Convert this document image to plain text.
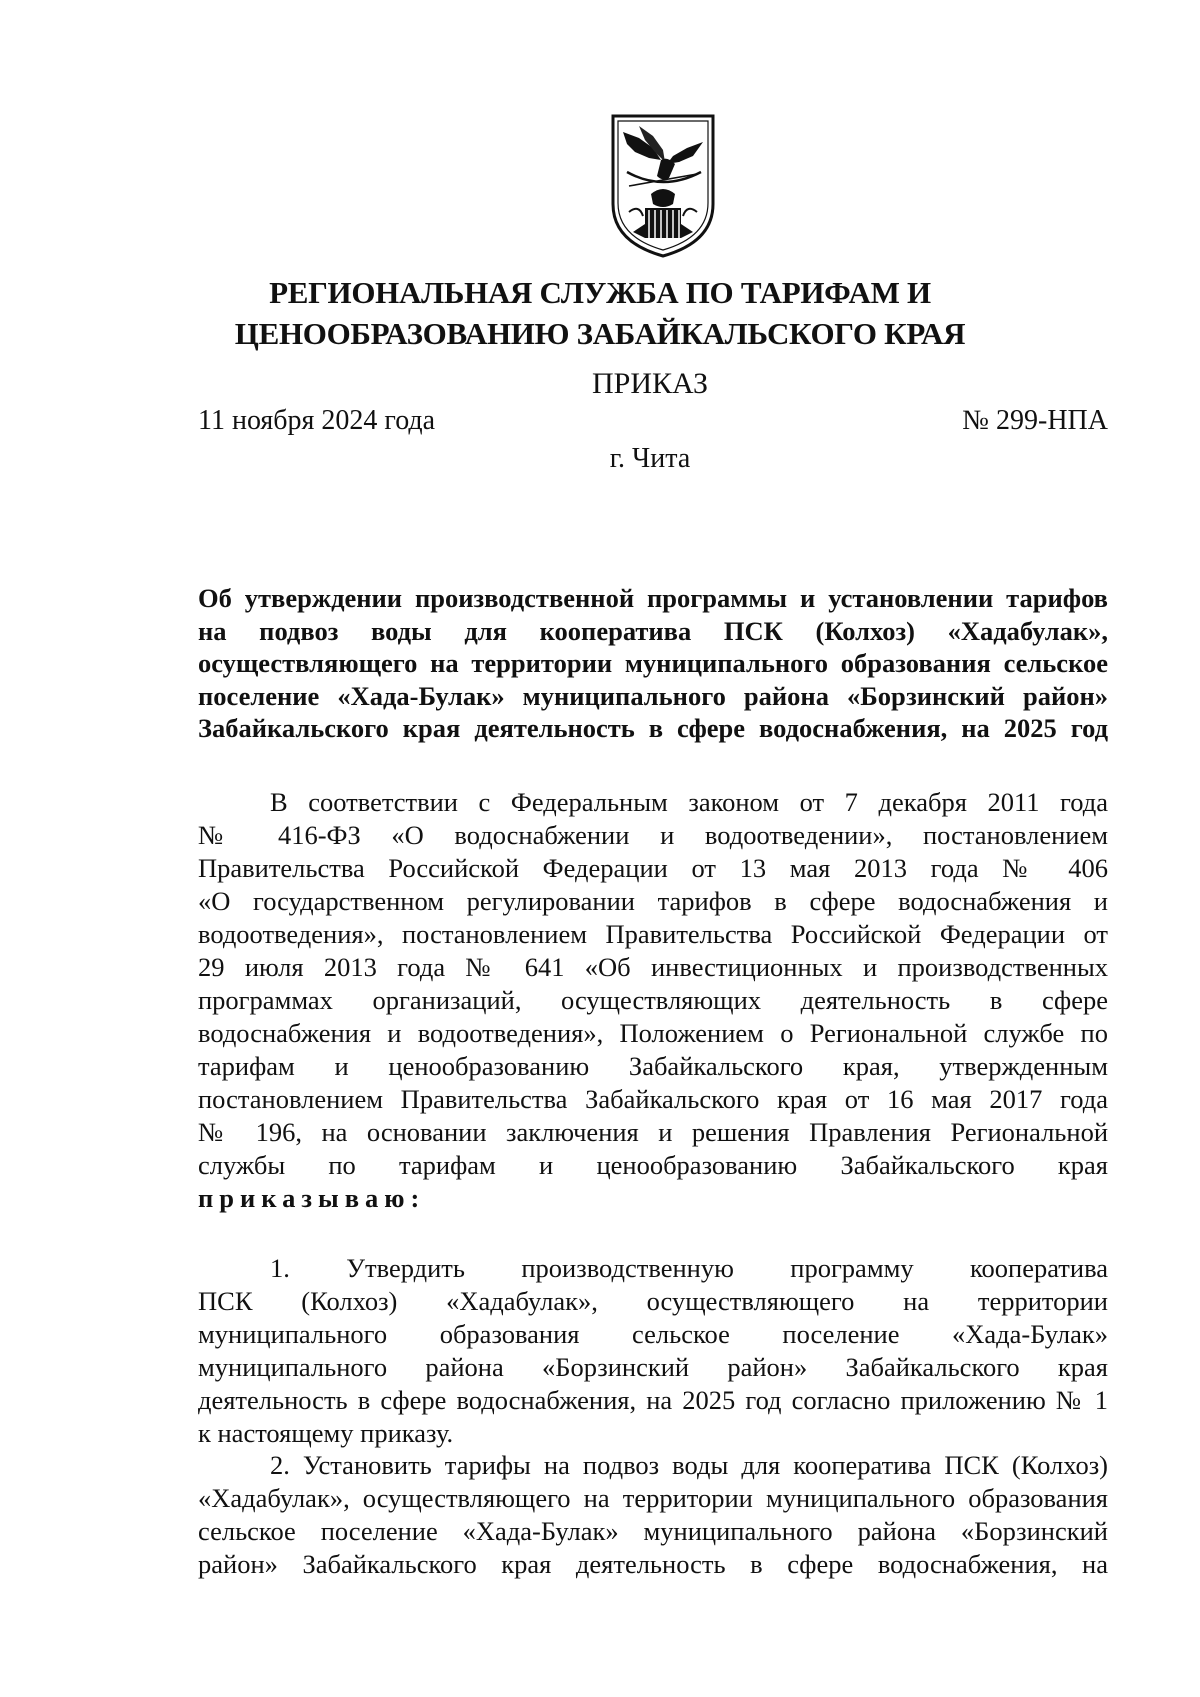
РЕГИОНАЛЬНАЯ СЛУЖБА ПО ТАРИФАМ И
ЦЕНООБРАЗОВАНИЮ ЗАБАЙКАЛЬСКОГО КРАЯ
ПРИКАЗ
11 ноября 2024 года	№ 299-НПА
г. Чита
Об утверждении производственной программы и установлении тарифов
на подвоз воды для кооператива ПСК (Колхоз) «Хадабулак»,
осуществляющего на территории муниципального образования сельское
поселение «Хада-Булак» муниципального района «Борзинский район»
Забайкальского края деятельность в сфере водоснабжения, на 2025 год
В соответствии с Федеральным законом от 7 декабря 2011 года
№ 416-ФЗ «О водоснабжении и водоотведении», постановлением
Правительства Российской Федерации от 13 мая 2013 года № 406
«О государственном регулировании тарифов в сфере водоснабжения и
водоотведения», постановлением Правительства Российской Федерации от
29 июля 2013 года № 641 «Об инвестиционных и производственных
программах организаций, осуществляющих деятельность в сфере
водоснабжения и водоотведения», Положением о Региональной службе по
тарифам и ценообразованию Забайкальского края, утвержденным
постановлением Правительства Забайкальского края от 16 мая 2017 года
№ 196, на основании заключения и решения Правления Региональной
службы по тарифам и ценообразованию Забайкальского края
приказываю:
1. Утвердить производственную программу кооператива
ПСК (Колхоз) «Хадабулак», осуществляющего на территории
муниципального образования сельское поселение «Хада-Булак»
муниципального района «Борзинский район» Забайкальского края
деятельность в сфере водоснабжения, на 2025 год согласно приложению № 1
к настоящему приказу.
2. Установить тарифы на подвоз воды для кооператива ПСК (Колхоз)
«Хадабулак», осуществляющего на территории муниципального образования
сельское поселение «Хада-Булак» муниципального района «Борзинский
район» Забайкальского края деятельность в сфере водоснабжения, на
